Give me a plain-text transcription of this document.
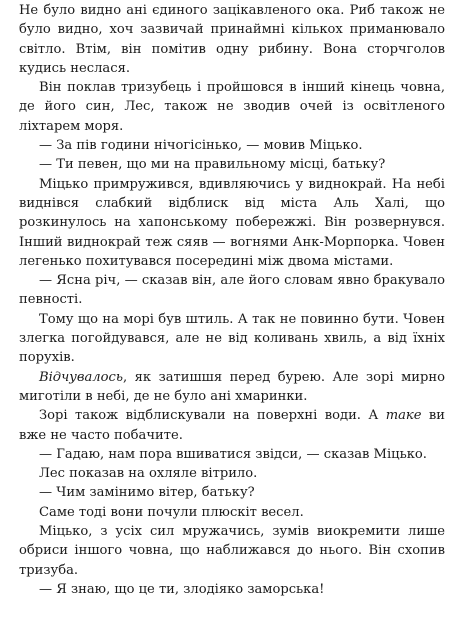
Не було видно ані єдиного зацікавленого ока. Риб також не було видно, хоч зазвичай принаймні кількох приманювало світло. Втім, він помітив одну рибину. Вона сторчголов кудись неслася.

Він поклав тризубець і пройшовся в інший кінець човна, де його син, Лес, також не зводив очей із освітленого ліхтарем моря.

— За пів години нічогісінько, — мовив Міцько.

— Ти певен, що ми на правильному місці, батьку?

Міцько примружився, вдивляючись у виднокрай. На небі виднівся слабкий відблиск від міста Аль Халі, що розкинулось на хапонському побережжі. Він розвернувся. Інший виднокрай теж сяяв — вогнями Анк-Морпорка. Човен легенько похитувався посередині між двома містами.

— Ясна річ, — сказав він, але його словам явно бракувало певності.

Тому що на морі був штиль. А так не повинно бути. Човен злегка погойдувався, але не від коливань хвиль, а від їхніх порухів.

Відчувалось, як затишшя перед бурею. Але зорі мирно миготіли в небі, де не було ані хмаринки.

Зорі також відблискували на поверхні води. А таке ви вже не часто побачите.

— Гадаю, нам пора вшиватися звідси, — сказав Міцько.

Лес показав на охляле вітрило.

— Чим замінимо вітер, батьку?

Саме тоді вони почули плюскіт весел.

Міцько, з усіх сил мружачись, зумів виокремити лише обриси іншого човна, що наближався до нього. Він схопив тризуба.

— Я знаю, що це ти, злодіяко заморська!
